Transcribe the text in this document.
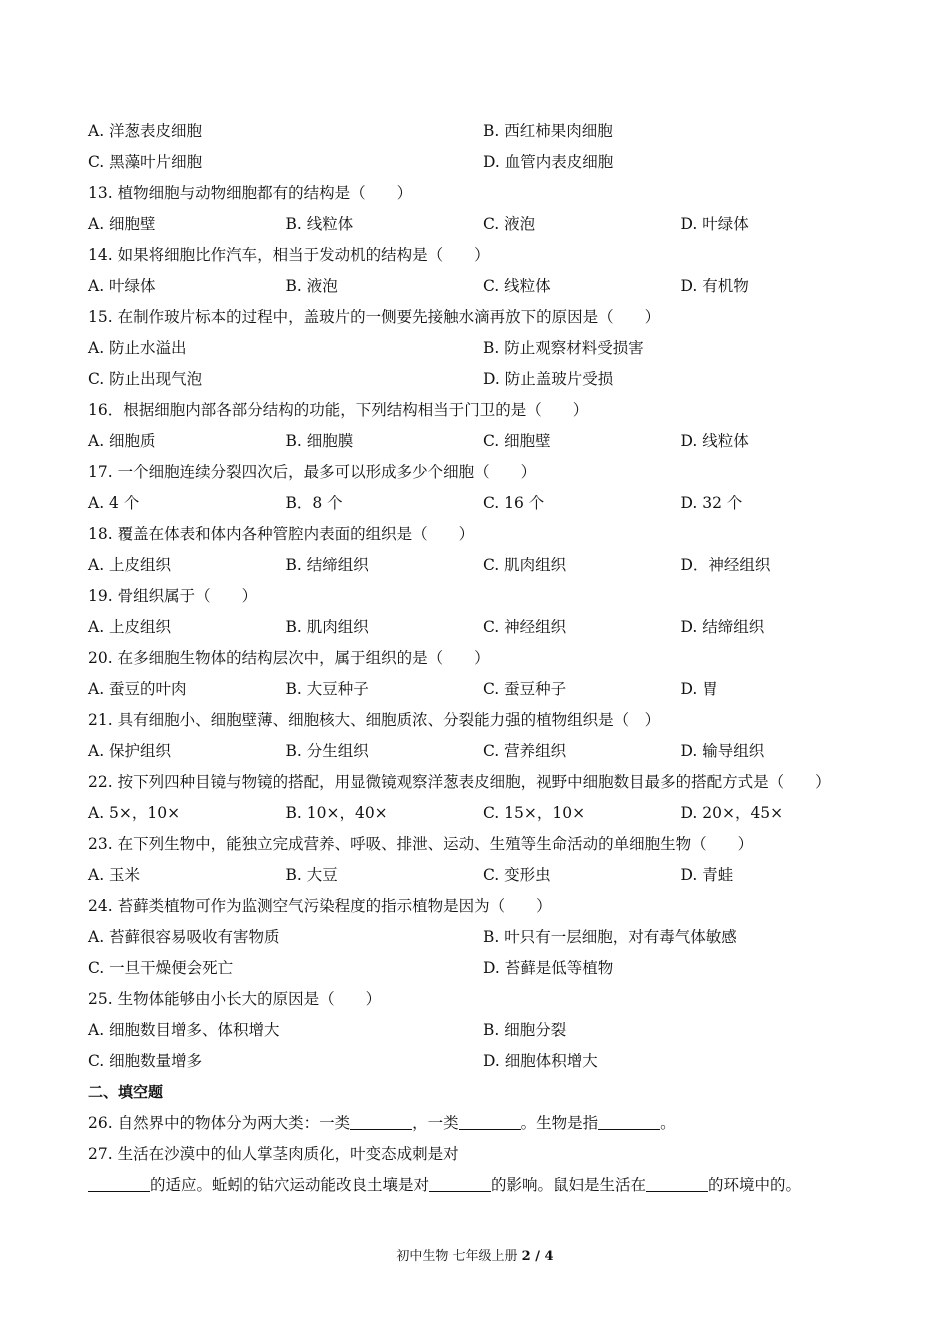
A. 洋葱表皮细胞	B. 西红柿果肉细胞
C. 黑藻叶片细胞	D. 血管内表皮细胞
13. 植物细胞与动物细胞都有的结构是（　　）
A. 细胞壁	B. 线粒体	C. 液泡	D. 叶绿体
14. 如果将细胞比作汽车，相当于发动机的结构是（　　）
A. 叶绿体	B. 液泡	C. 线粒体	D. 有机物
15. 在制作玻片标本的过程中，盖玻片的一侧要先接触水滴再放下的原因是（　　）
A. 防止水溢出	B. 防止观察材料受损害
C. 防止出现气泡	D. 防止盖玻片受损
16．根据细胞内部各部分结构的功能，下列结构相当于门卫的是（　　）
A. 细胞质	B. 细胞膜	C. 细胞壁	D. 线粒体
17. 一个细胞连续分裂四次后，最多可以形成多少个细胞（　　）
A. 4 个	B．8 个	C. 16 个	D. 32 个
18. 覆盖在体表和体内各种管腔内表面的组织是（　　）
A. 上皮组织	B. 结缔组织	C. 肌肉组织	D．神经组织
19. 骨组织属于（　　）
A. 上皮组织	B. 肌肉组织	C. 神经组织	D. 结缔组织
20. 在多细胞生物体的结构层次中，属于组织的是（　　）
A. 蚕豆的叶肉	B. 大豆种子	C. 蚕豆种子	D. 胃
21. 具有细胞小、细胞壁薄、细胞核大、细胞质浓、分裂能力强的植物组织是（　）
A. 保护组织	B. 分生组织	C. 营养组织	D. 输导组织
22. 按下列四种目镜与物镜的搭配，用显微镜观察洋葱表皮细胞，视野中细胞数目最多的搭配方式是（　　）
A. 5×，10×	B. 10×，40×	C. 15×，10×	D. 20×，45×
23. 在下列生物中，能独立完成营养、呼吸、排泄、运动、生殖等生命活动的单细胞生物（　　）
A. 玉米	B. 大豆	C. 变形虫	D. 青蛙
24. 苔藓类植物可作为监测空气污染程度的指示植物是因为（　　）
A. 苔藓很容易吸收有害物质	B. 叶只有一层细胞，对有毒气体敏感
C. 一旦干燥便会死亡	D. 苔藓是低等植物
25. 生物体能够由小长大的原因是（　　）
A. 细胞数目增多、体积增大	B. 细胞分裂
C. 细胞数量增多	D. 细胞体积增大
二、填空题
26. 自然界中的物体分为两大类：一类	，一类	。生物是指	。
27. 生活在沙漠中的仙人掌茎肉质化，叶变态成刺是对
的适应。蚯蚓的钻穴运动能改良土壤是对	的影响。鼠妇是生活在	的环境中的。
初中生物 七年级上册 2 / 4
